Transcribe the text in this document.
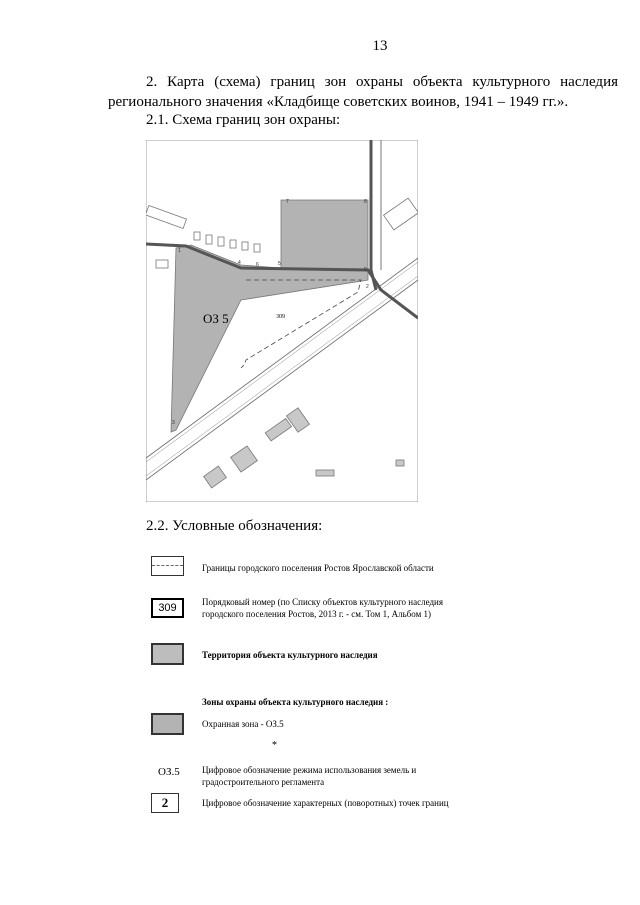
13
2. Карта (схема) границ зон охраны объекта культурного наследия регионального значения «Кладбище советских воинов, 1941 – 1949 гг.».
2.1. Схема границ зон охраны:
ОЗ 5	309
1
2
3
4	5
6
7	8
9
2.2. Условные обозначения:
Границы городского поселения Ростов Ярославской области
309	Порядковый номер (по Списку объектов культурного наследия городского поселения Ростов, 2013 г. - см. Том 1, Альбом 1)
Территория объекта культурного наследия
Зоны охраны объекта культурного наследия :
Охранная зона - ОЗ.5
*
ОЗ.5 Цифровое обозначение режима использования земель и градостроительного регламента
2	Цифровое обозначение характерных (поворотных) точек границ
